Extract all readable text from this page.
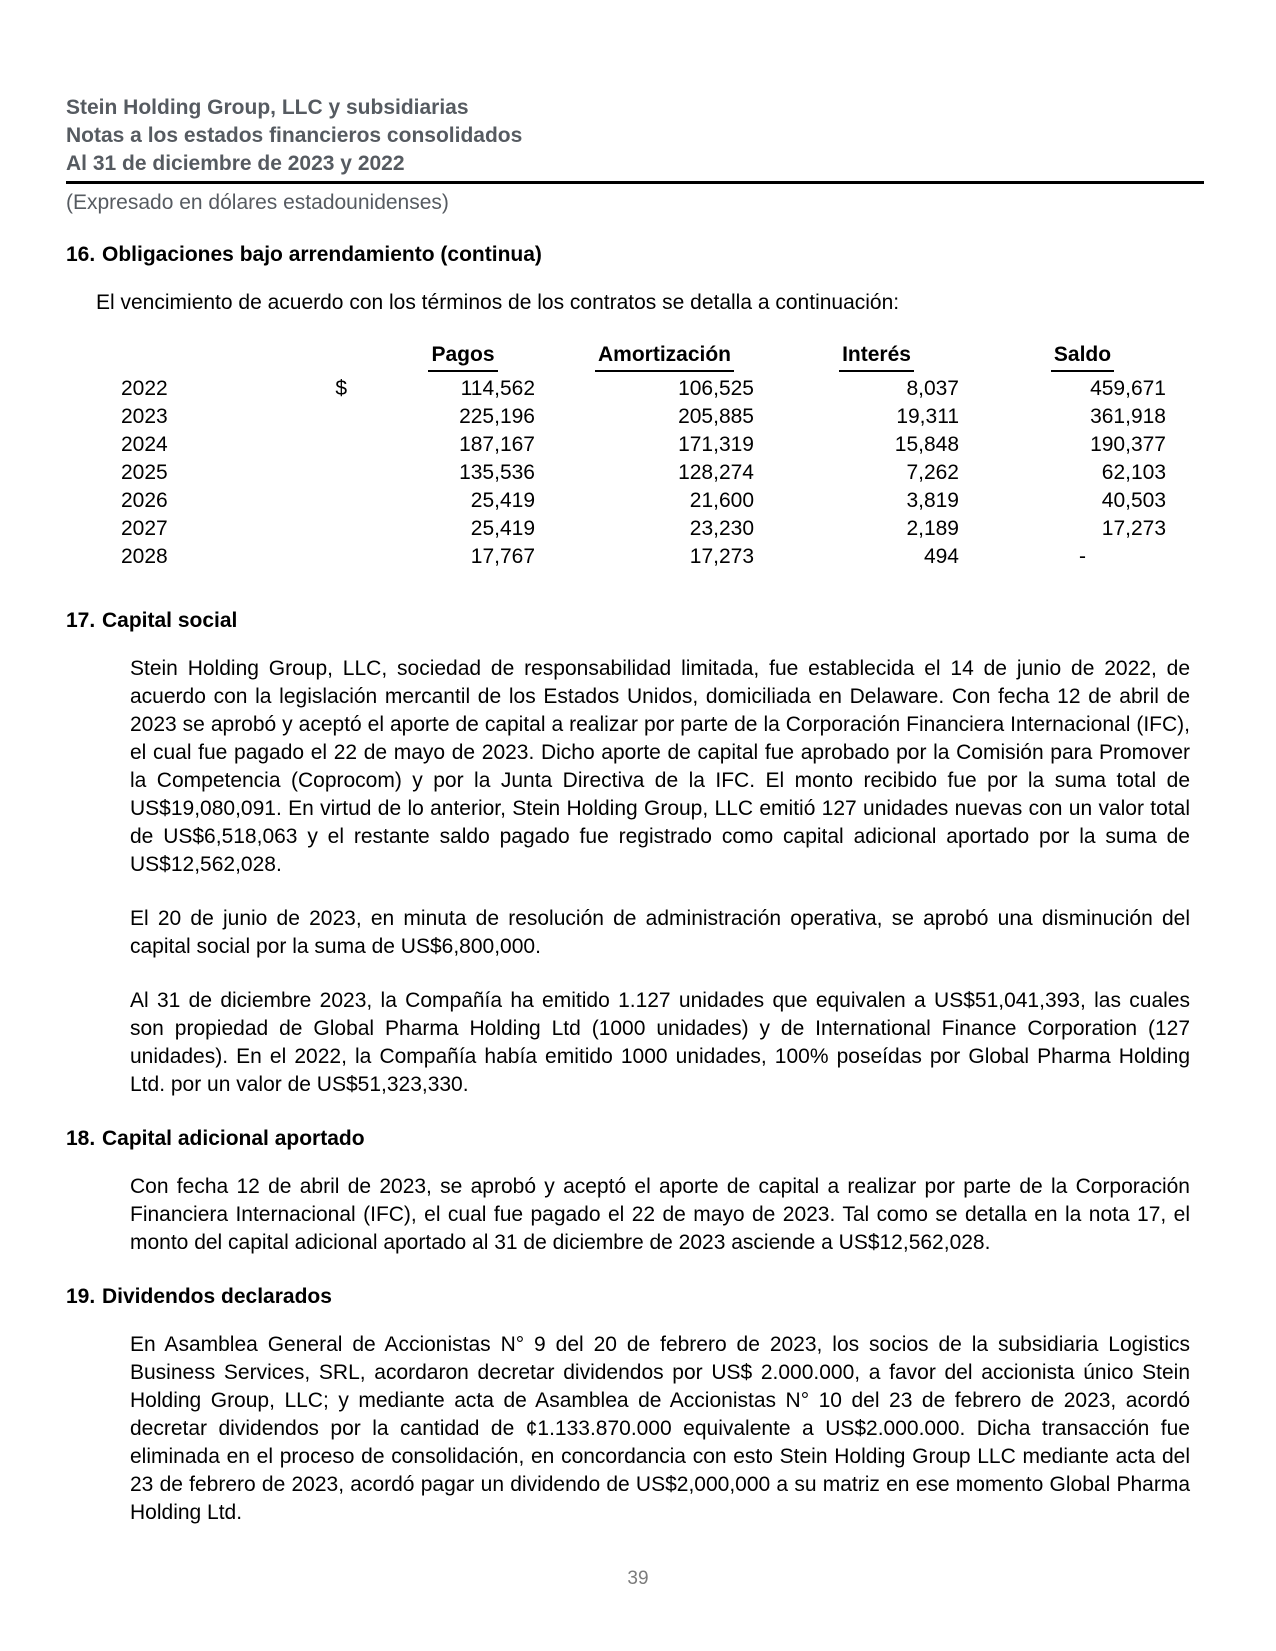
Stein Holding Group, LLC y subsidiarias
Notas a los estados financieros consolidados
Al 31 de diciembre de 2023 y 2022
(Expresado en dólares estadounidenses)
16. Obligaciones bajo arrendamiento (continua)

El vencimiento de acuerdo con los términos de los contratos se detalla a continuación:

		Pagos	Amortización	Interés	Saldo
2022	$	114,562	106,525	8,037	459,671
2023		225,196	205,885	19,311	361,918
2024		187,167	171,319	15,848	190,377
2025		135,536	128,274	7,262	62,103
2026		25,419	21,600	3,819	40,503
2027		25,419	23,230	2,189	17,273
2028		17,767	17,273	494	-
17. Capital social

Stein Holding Group, LLC, sociedad de responsabilidad limitada, fue establecida el 14 de junio de 2022, de acuerdo con la legislación mercantil de los Estados Unidos, domiciliada en Delaware. Con fecha 12 de abril de 2023 se aprobó y aceptó el aporte de capital a realizar por parte de la Corporación Financiera Internacional (IFC), el cual fue pagado el 22 de mayo de 2023. Dicho aporte de capital fue aprobado por la Comisión para Promover la Competencia (Coprocom) y por la Junta Directiva de la IFC. El monto recibido fue por la suma total de US$19,080,091. En virtud de lo anterior, Stein Holding Group, LLC emitió 127 unidades nuevas con un valor total de US$6,518,063 y el restante saldo pagado fue registrado como capital adicional aportado por la suma de US$12,562,028.

El 20 de junio de 2023, en minuta de resolución de administración operativa, se aprobó una disminución del capital social por la suma de US$6,800,000.

Al 31 de diciembre 2023, la Compañía ha emitido 1.127 unidades que equivalen a US$51,041,393, las cuales son propiedad de Global Pharma Holding Ltd (1000 unidades) y de International Finance Corporation (127 unidades). En el 2022, la Compañía había emitido 1000 unidades, 100% poseídas por Global Pharma Holding Ltd. por un valor de US$51,323,330.

18. Capital adicional aportado

Con fecha 12 de abril de 2023, se aprobó y aceptó el aporte de capital a realizar por parte de la Corporación Financiera Internacional (IFC), el cual fue pagado el 22 de mayo de 2023. Tal como se detalla en la nota 17, el monto del capital adicional aportado al 31 de diciembre de 2023 asciende a US$12,562,028.

19. Dividendos declarados

En Asamblea General de Accionistas N° 9 del 20 de febrero de 2023, los socios de la subsidiaria Logistics Business Services, SRL, acordaron decretar dividendos por US$ 2.000.000, a favor del accionista único Stein Holding Group, LLC; y mediante acta de Asamblea de Accionistas N° 10 del 23 de febrero de 2023, acordó decretar dividendos por la cantidad de ¢1.133.870.000 equivalente a US$2.000.000. Dicha transacción fue eliminada en el proceso de consolidación, en concordancia con esto Stein Holding Group LLC mediante acta del 23 de febrero de 2023, acordó pagar un dividendo de US$2,000,000 a su matriz en ese momento Global Pharma Holding Ltd.

39
